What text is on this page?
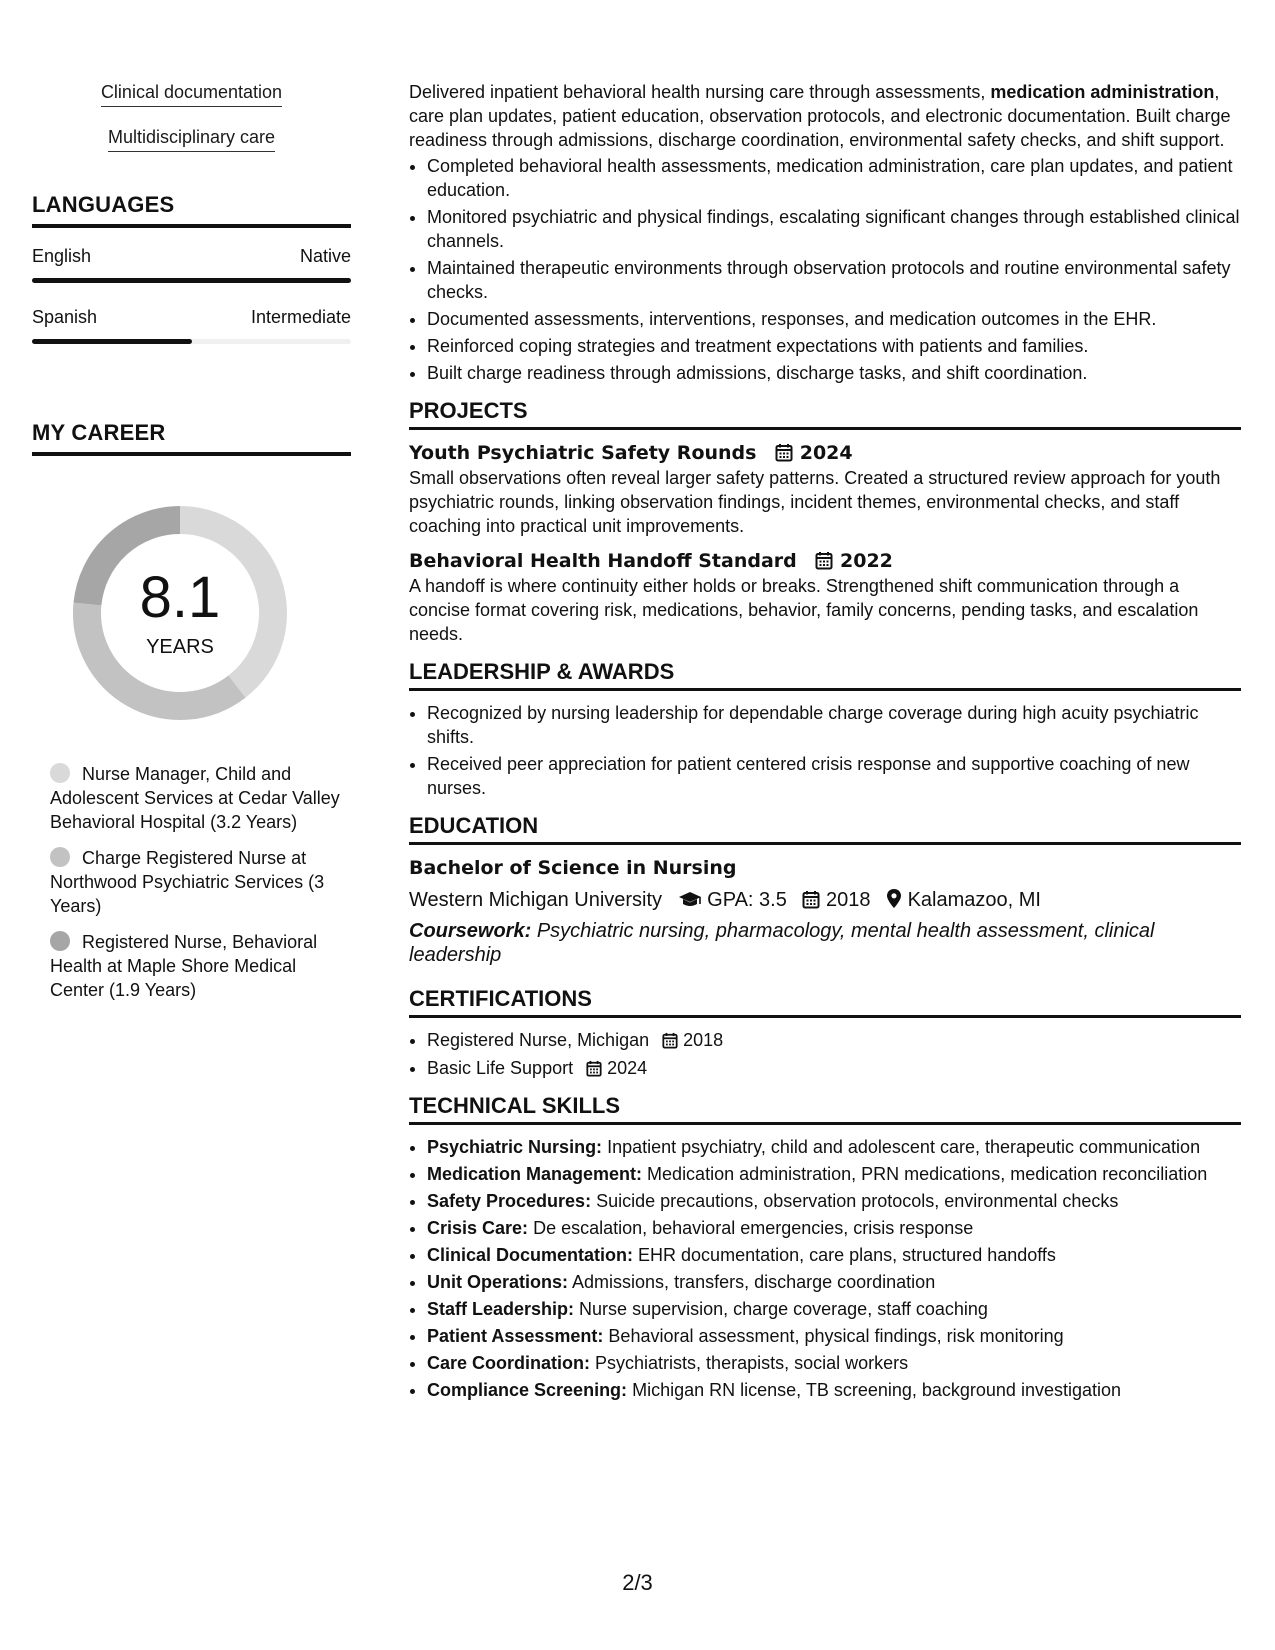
Clinical documentation
Multidisciplinary care
LANGUAGES
English	Native
Spanish	Intermediate
MY CAREER
8.1
YEARS
Nurse Manager, Child and Adolescent Services at Cedar Valley Behavioral Hospital (3.2 Years)
Charge Registered Nurse at Northwood Psychiatric Services (3 Years)
Registered Nurse, Behavioral Health at Maple Shore Medical Center (1.9 Years)

Delivered inpatient behavioral health nursing care through assessments, medication administration, care plan updates, patient education, observation protocols, and electronic documentation. Built charge readiness through admissions, discharge coordination, environmental safety checks, and shift support.

• Completed behavioral health assessments, medication administration, care plan updates, and patient education.
• Monitored psychiatric and physical findings, escalating significant changes through established clinical channels.
• Maintained therapeutic environments through observation protocols and routine environmental safety checks.
• Documented assessments, interventions, responses, and medication outcomes in the EHR.
• Reinforced coping strategies and treatment expectations with patients and families.
• Built charge readiness through admissions, discharge tasks, and shift coordination.
PROJECTS
Youth Psychiatric Safety Rounds 2024

Small observations often reveal larger safety patterns. Created a structured review approach for youth psychiatric rounds, linking observation findings, incident themes, environmental checks, and staff coaching into practical unit improvements.

Behavioral Health Handoff Standard 2022

A handoff is where continuity either holds or breaks. Strengthened shift communication through a concise format covering risk, medications, behavior, family concerns, pending tasks, and escalation needs.

LEADERSHIP & AWARDS
• Recognized by nursing leadership for dependable charge coverage during high acuity psychiatric shifts.
• Received peer appreciation for patient centered crisis response and supportive coaching of new nurses.
EDUCATION
Bachelor of Science in Nursing
Western Michigan University GPA: 3.5 2018 Kalamazoo, MI
Coursework: Psychiatric nursing, pharmacology, mental health assessment, clinical leadership
CERTIFICATIONS
• Registered Nurse, Michigan 2018
• Basic Life Support 2024
TECHNICAL SKILLS
• Psychiatric Nursing: Inpatient psychiatry, child and adolescent care, therapeutic communication
• Medication Management: Medication administration, PRN medications, medication reconciliation
• Safety Procedures: Suicide precautions, observation protocols, environmental checks
• Crisis Care: De escalation, behavioral emergencies, crisis response
• Clinical Documentation: EHR documentation, care plans, structured handoffs
• Unit Operations: Admissions, transfers, discharge coordination
• Staff Leadership: Nurse supervision, charge coverage, staff coaching
• Patient Assessment: Behavioral assessment, physical findings, risk monitoring
• Care Coordination: Psychiatrists, therapists, social workers
• Compliance Screening: Michigan RN license, TB screening, background investigation
2/3
